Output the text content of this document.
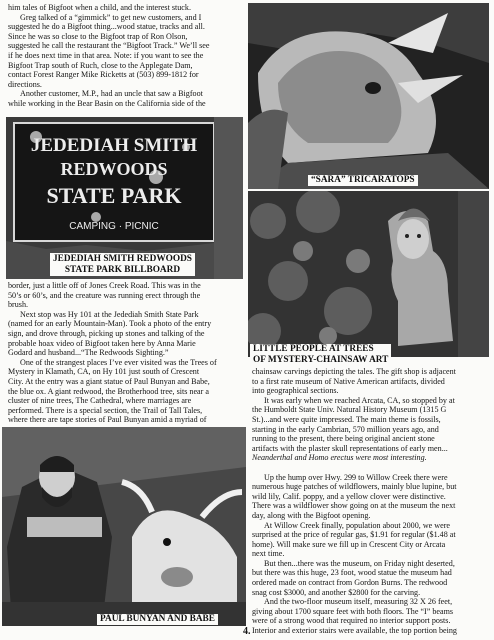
him tales of Bigfoot when a child, and the interest stuck.

Greg talked of a “gimmick” to get new customers, and I

suggested he do a Bigfoot thing...wood statue, tracks and all.

Since he was so close to the Bigfoot trap of Ron Olson,

suggested he call the restaurant the “Bigfoot Track.” We’ll see

if he does next time in that area. Note: if you want to see the

Bigfoot Trap south of Ruch, close to the Applegate Dam,

contact Forest Ranger Mike Ricketts at (503) 899-1812 for

directions.

Another customer, M.P., had an uncle that saw a Bigfoot

while working in the Bear Basin on the California side of the

JEDEDIAH SMITH
REDWOODS
STATE PARK
CAMPING · PICNIC
JEDEDIAH SMITH REDWOODS
STATE PARK BILLBOARD

border, just a little off of Jones Creek Road. This was in the

50’s or 60’s, and the creature was running erect through the

brush.

Next stop was Hy 101 at the Jedediah Smith State Park

(named for an early Mountain-Man). Took a photo of the entry

sign, and drove through, picking up stones and talking of the

probable hoax video of Bigfoot taken here by Anna Marie

Godard and husband...“The Redwoods Sighting.”

One of the strangest places I’ve ever visited was the Trees of

Mystery in Klamath, CA, on Hy 101 just south of Crescent

City. At the entry was a giant statue of Paul Bunyan and Babe,

the blue ox. A giant redwood, the Brotherhood tree, sits near a

cluster of nine trees, The Cathedral, where marriages are

performed. There is a special section, the Trail of Tall Tales,

where there are tape stories of Paul Bunyan amid a myriad of

“SARA” TRICARATOPS
LITTLE PEOPLE AT TREES
OF MYSTERY-CHAINSAW ART

chainsaw carvings depicting the tales. The gift shop is adjacent

to a first rate museum of Native American artifacts, divided

into geographical sections.

It was early when we reached Arcata, CA, so stopped by at

the Humboldt State Univ. Natural History Museum (1315 G

St.)...and were quite impressed. The main theme is fossils,

starting in the early Cambrian, 570 million years ago, and

running to the present, there being original ancient stone

artifacts with the plaster skull representations of early men...

Neanderthal and Homo erectus were most interesting.

Up the hump over Hwy. 299 to Willow Creek there were

numerous huge patches of wildflowers, mainly blue lupine, but

wild lily, Calif. poppy, and a yellow clover were distinctive.

There was a wildflower show going on at the museum the next

day, along with the Bigfoot opening.

At Willow Creek finally, population about 2000, we were

surprised at the price of regular gas, $1.91 for regular ($1.48 at

home). Will make sure we fill up in Crescent City or Arcata

next time.

But then...there was the museum, on Friday night deserted,

but there was this huge, 23 foot, wood statue the museum had

ordered made on contract from Gordon Burns. The redwood

snag cost $3000, and another $2800 for the carving.

And the two-floor museum itself, measuring 32 X 26 feet,

giving about 1700 square feet with both floors. The “I” beams

were of a strong wood that required no interior support posts.

Interior and exterior stairs were available, the top portion being

PAUL BUNYAN AND BABE
4.
